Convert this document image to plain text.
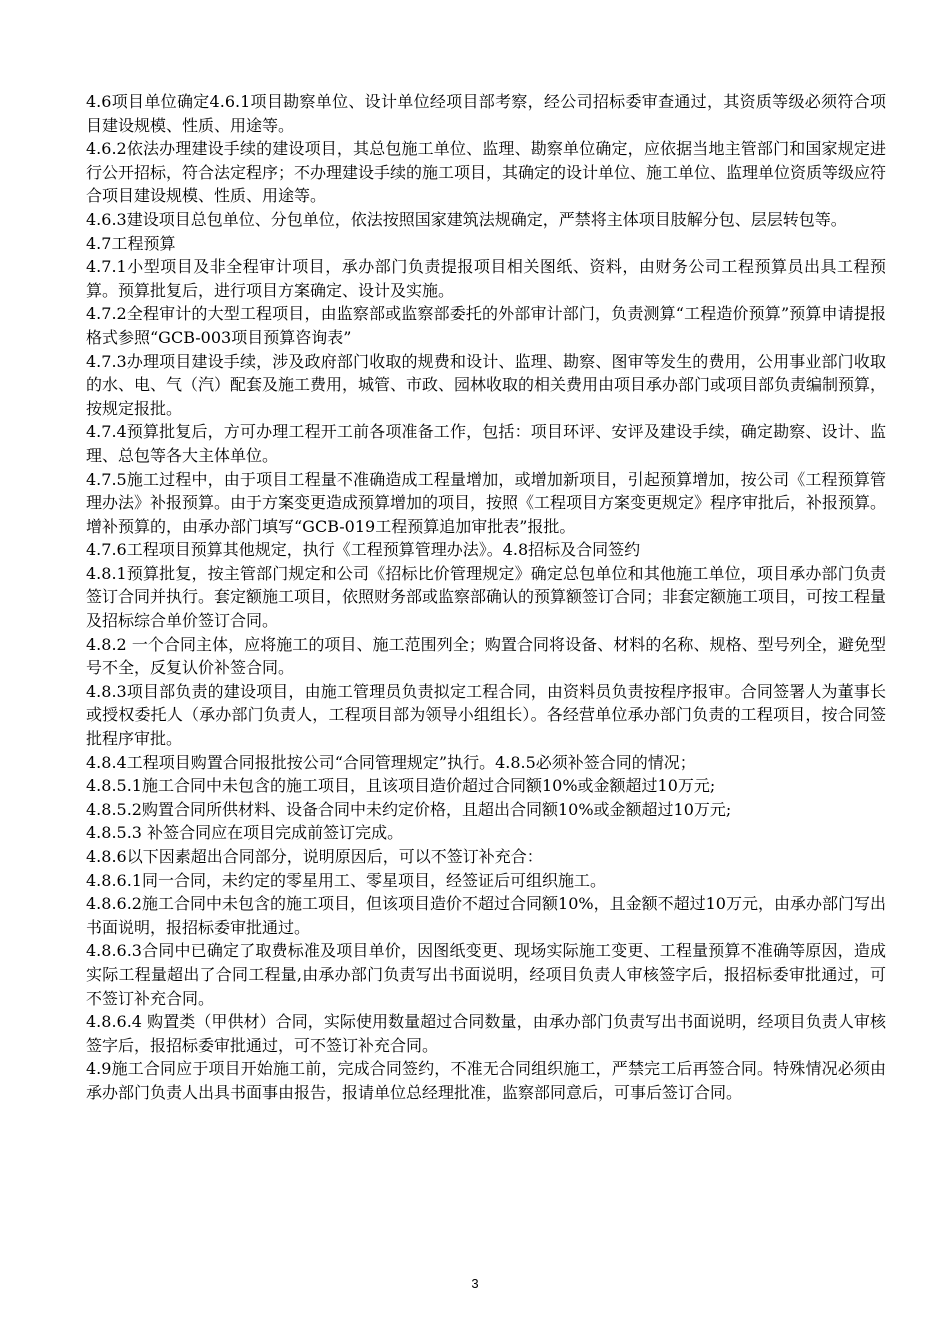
4.6项目单位确定4.6.1项目勘察单位、设计单位经项目部考察，经公司招标委审查通过，其资质等级必须符合项目建设规模、性质、用途等。

4.6.2依法办理建设手续的建设项目，其总包施工单位、监理、勘察单位确定，应依据当地主管部门和国家规定进行公开招标，符合法定程序；不办理建设手续的施工项目，其确定的设计单位、施工单位、监理单位资质等级应符合项目建设规模、性质、用途等。

4.6.3建设项目总包单位、分包单位，依法按照国家建筑法规确定，严禁将主体项目肢解分包、层层转包等。

4.7工程预算

4.7.1小型项目及非全程审计项目，承办部门负责提报项目相关图纸、资料，由财务公司工程预算员出具工程预算。预算批复后，进行项目方案确定、设计及实施。

4.7.2全程审计的大型工程项目，由监察部或监察部委托的外部审计部门，负责测算“工程造价预算”预算申请提报格式参照“GCB-003项目预算咨询表”

4.7.3办理项目建设手续，涉及政府部门收取的规费和设计、监理、勘察、图审等发生的费用，公用事业部门收取的水、电、气（汽）配套及施工费用，城管、市政、园林收取的相关费用由项目承办部门或项目部负责编制预算，按规定报批。

4.7.4预算批复后，方可办理工程开工前各项准备工作，包括：项目环评、安评及建设手续，确定勘察、设计、监理、总包等各大主体单位。

4.7.5施工过程中，由于项目工程量不准确造成工程量增加，或增加新项目，引起预算增加，按公司《工程预算管理办法》补报预算。由于方案变更造成预算增加的项目，按照《工程项目方案变更规定》程序审批后，补报预算。增补预算的，由承办部门填写“GCB-019工程预算追加审批表”报批。

4.7.6工程项目预算其他规定，执行《工程预算管理办法》。4.8招标及合同签约

4.8.1预算批复，按主管部门规定和公司《招标比价管理规定》确定总包单位和其他施工单位，项目承办部门负责签订合同并执行。套定额施工项目，依照财务部或监察部确认的预算额签订合同；非套定额施工项目，可按工程量及招标综合单价签订合同。

4.8.2 一个合同主体，应将施工的项目、施工范围列全；购置合同将设备、材料的名称、规格、型号列全，避免型号不全，反复认价补签合同。

4.8.3项目部负责的建设项目，由施工管理员负责拟定工程合同，由资料员负责按程序报审。合同签署人为董事长或授权委托人（承办部门负责人，工程项目部为领导小组组长）。各经营单位承办部门负责的工程项目，按合同签批程序审批。

4.8.4工程项目购置合同报批按公司“合同管理规定”执行。4.8.5必须补签合同的情况；

4.8.5.1施工合同中未包含的施工项目，且该项目造价超过合同额10%或金额超过10万元;

4.8.5.2购置合同所供材料、设备合同中未约定价格，且超出合同额10%或金额超过10万元;

4.8.5.3 补签合同应在项目完成前签订完成。

4.8.6以下因素超出合同部分，说明原因后，可以不签订补充合：

4.8.6.1同一合同，未约定的零星用工、零星项目，经签证后可组织施工。

4.8.6.2施工合同中未包含的施工项目，但该项目造价不超过合同额10%，且金额不超过10万元，由承办部门写出书面说明，报招标委审批通过。

4.8.6.3合同中已确定了取费标准及项目单价，因图纸变更、现场实际施工变更、工程量预算不准确等原因，造成实际工程量超出了合同工程量,由承办部门负责写出书面说明，经项目负责人审核签字后，报招标委审批通过，可不签订补充合同。

4.8.6.4 购置类（甲供材）合同，实际使用数量超过合同数量，由承办部门负责写出书面说明，经项目负责人审核签字后，报招标委审批通过，可不签订补充合同。

4.9施工合同应于项目开始施工前，完成合同签约，不准无合同组织施工，严禁完工后再签合同。特殊情况必须由承办部门负责人出具书面事由报告，报请单位总经理批准，监察部同意后，可事后签订合同。

3
